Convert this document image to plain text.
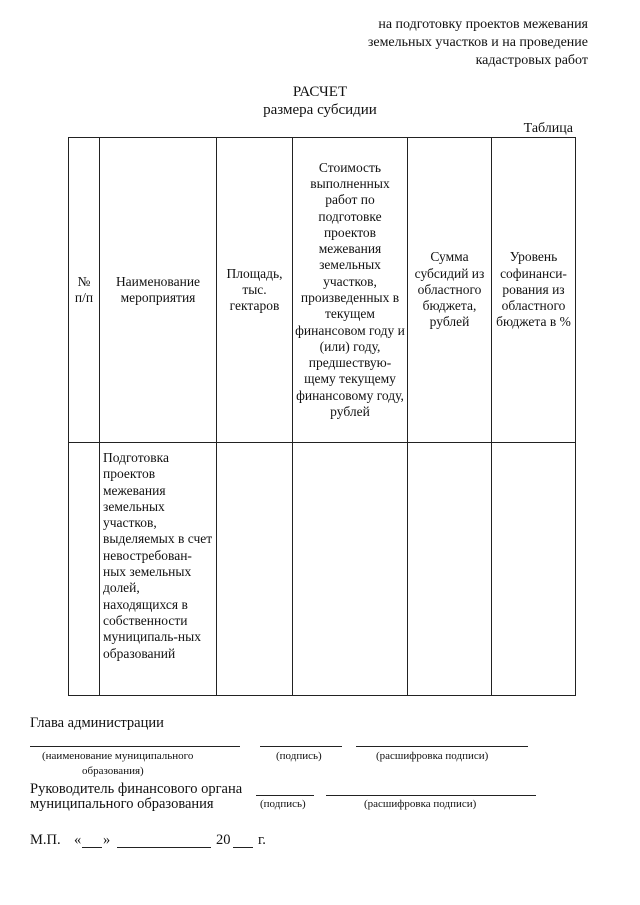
на подготовку проектов межевания
земельных участков и на проведение
кадастровых работ
РАСЧЕТ
размера субсидии
Таблица
№ п/п	Наименование мероприятия	Площадь, тыс. гектаров	Стоимость выполненных работ по подготовке проектов межевания земельных участков, произведенных в текущем финансовом году и (или) году, предшествую-щему текущему финансовому году, рублей	Сумма субсидий из областного бюджета, рублей	Уровень софинанси-рования из областного бюджета в %
	Подготовка проектов межевания земельных участков, выделяемых в счет невостребован-ных земельных долей, находящихся в собственности муниципаль-ных образований				
Глава администрации
(наименование муниципального
образования)
(подпись)	(расшифровка подписи)
Руководитель финансового органа
муниципального образования	(подпись)	(расшифровка подписи)
М.П. « »	20 г.
